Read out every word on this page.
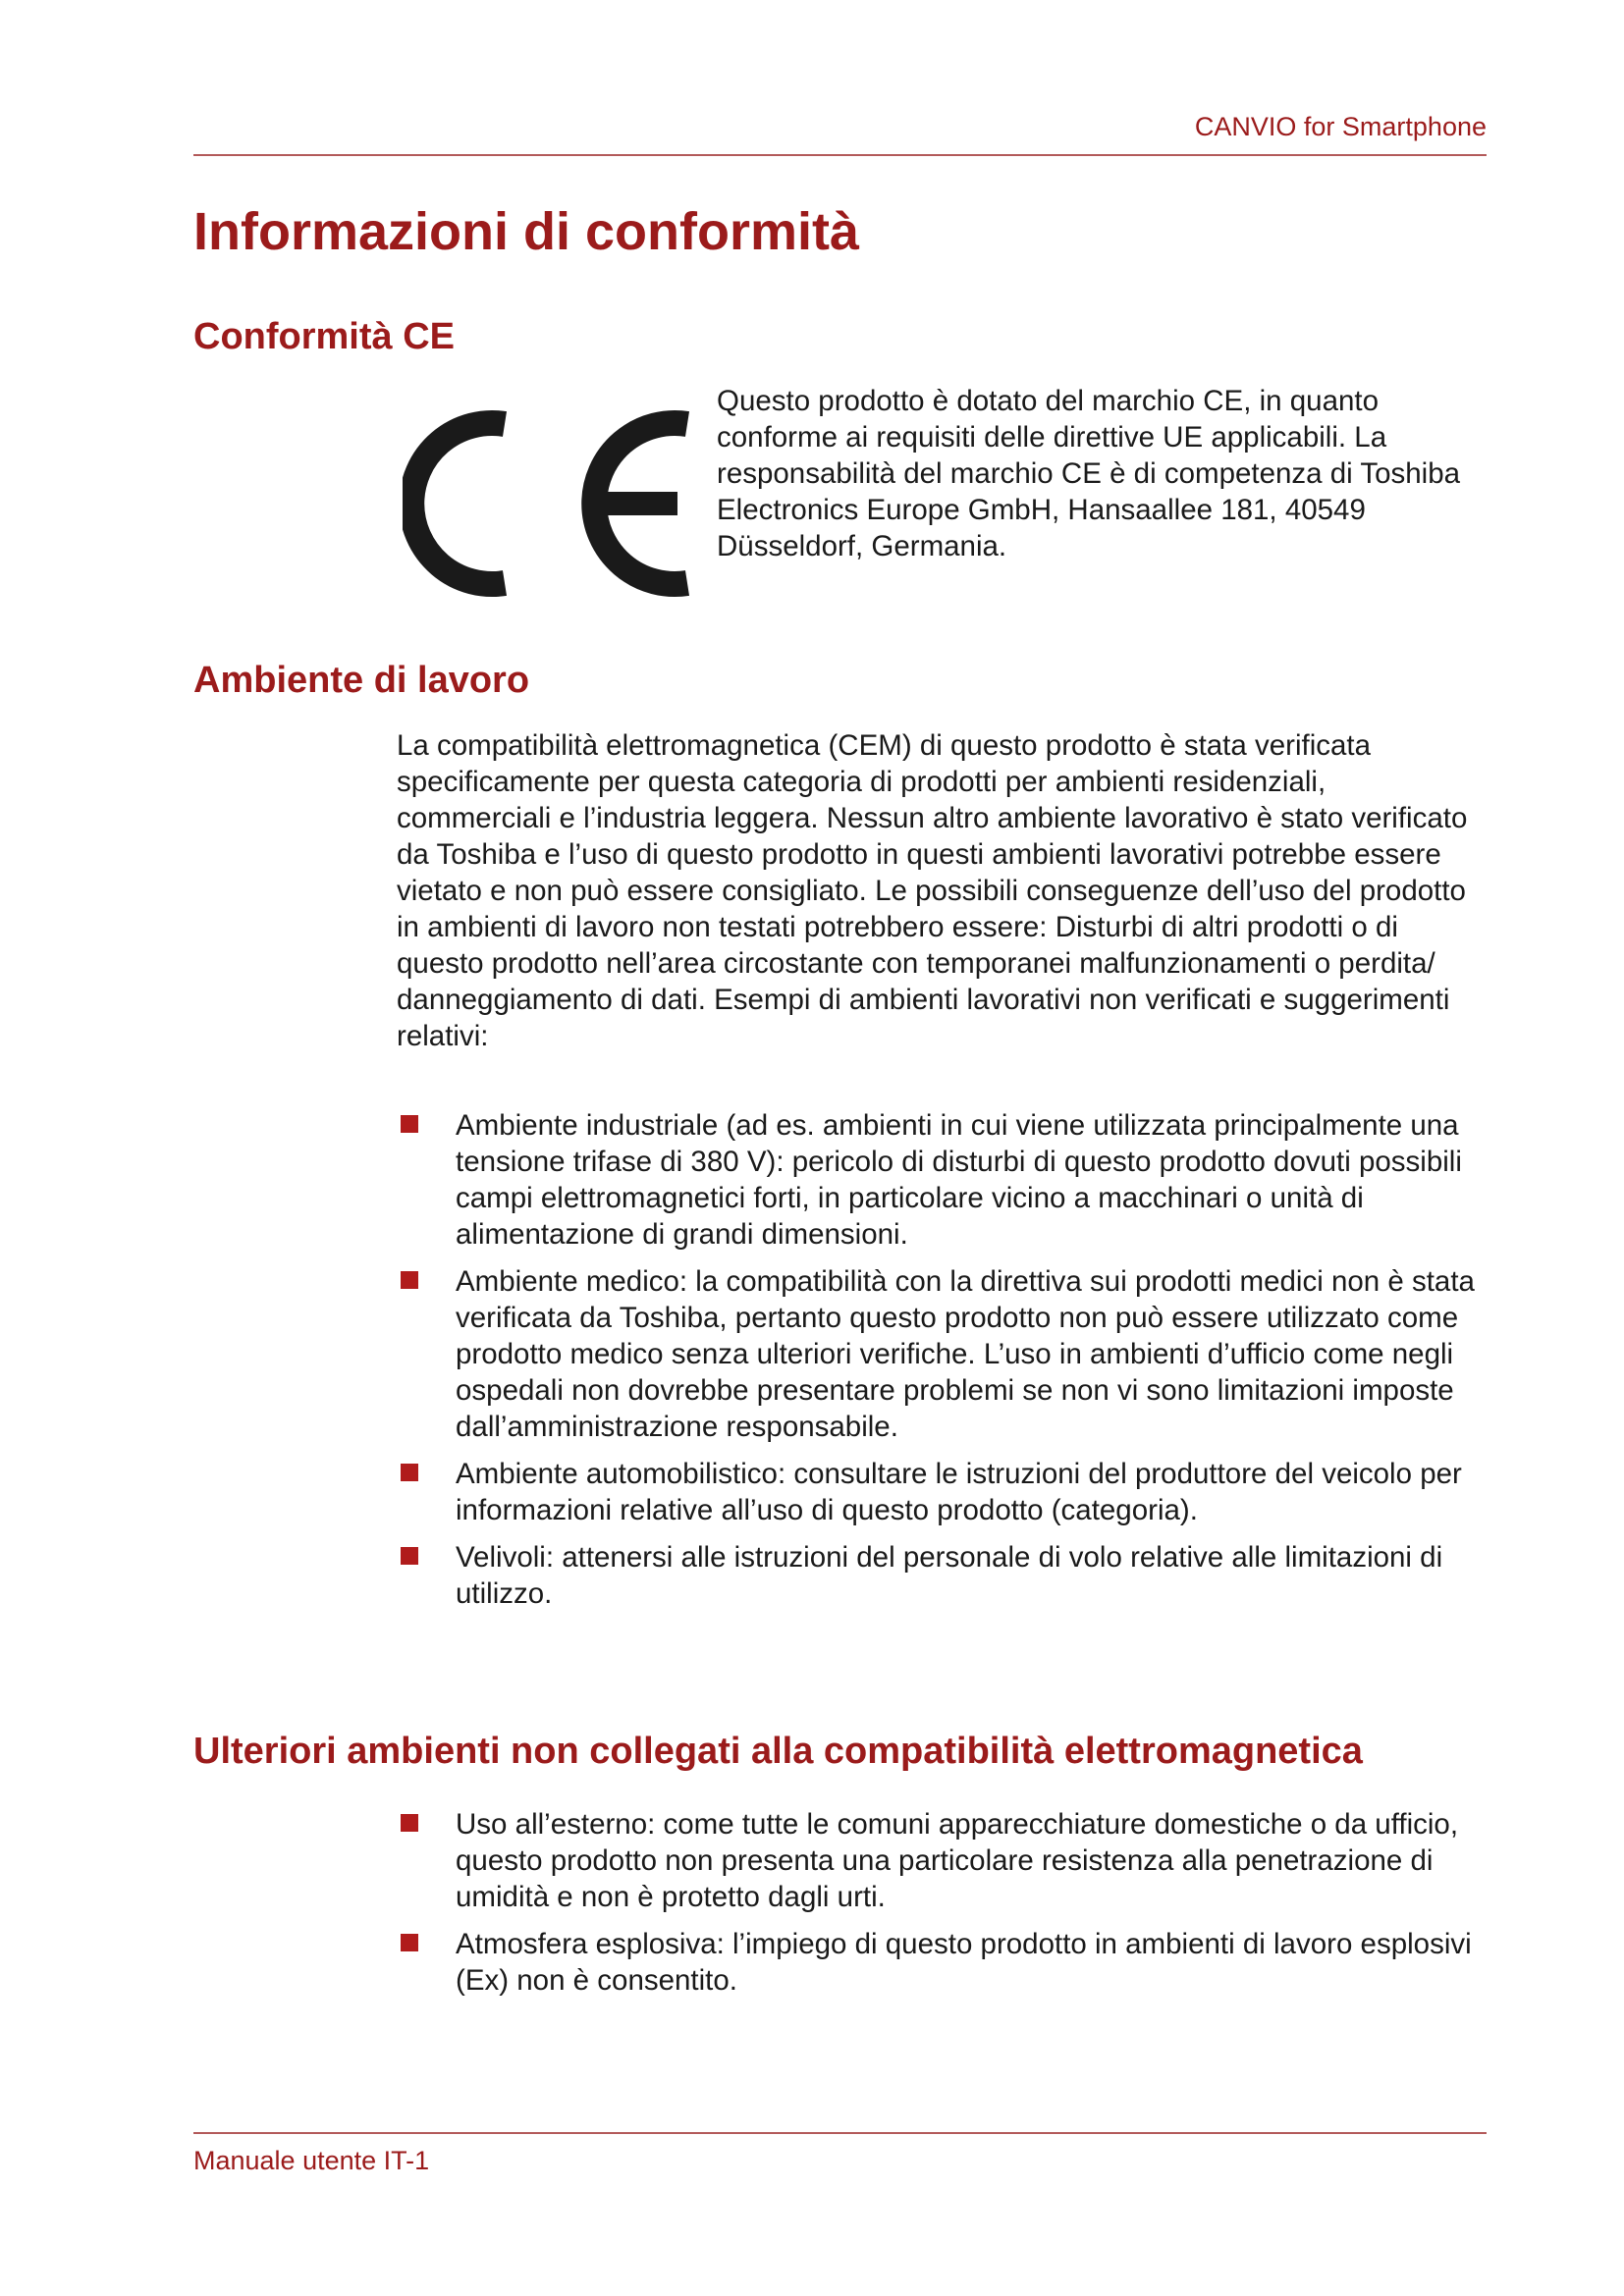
CANVIO for Smartphone
Informazioni di conformità
Conformità CE

Questo prodotto è dotato del marchio CE, in quanto conforme ai requisiti delle direttive UE applicabili. La responsabilità del marchio CE è di competenza di Toshiba Electronics Europe GmbH, Hansaallee 181, 40549 Düsseldorf, Germania.

Ambiente di lavoro

La compatibilità elettromagnetica (CEM) di questo prodotto è stata verificata specificamente per questa categoria di prodotti per ambienti residenziali, commerciali e l’industria leggera. Nessun altro ambiente lavorativo è stato verificato da Toshiba e l’uso di questo prodotto in questi ambienti lavorativi potrebbe essere vietato e non può essere consigliato. Le possibili conseguenze dell’uso del prodotto in ambienti di lavoro non testati potrebbero essere: Disturbi di altri prodotti o di questo prodotto nell’area circostante con temporanei malfunzionamenti o perdita/ danneggiamento di dati. Esempi di ambienti lavorativi non verificati e suggerimenti relativi:

Ambiente industriale (ad es. ambienti in cui viene utilizzata principalmente una tensione trifase di 380 V): pericolo di disturbi di questo prodotto dovuti possibili campi elettromagnetici forti, in particolare vicino a macchinari o unità di alimentazione di grandi dimensioni.
Ambiente medico: la compatibilità con la direttiva sui prodotti medici non è stata verificata da Toshiba, pertanto questo prodotto non può essere utilizzato come prodotto medico senza ulteriori verifiche. L’uso in ambienti d’ufficio come negli ospedali non dovrebbe presentare problemi se non vi sono limitazioni imposte dall’amministrazione responsabile.
Ambiente automobilistico: consultare le istruzioni del produttore del veicolo per informazioni relative all’uso di questo prodotto (categoria).
Velivoli: attenersi alle istruzioni del personale di volo relative alle limitazioni di utilizzo.
Ulteriori ambienti non collegati alla compatibilità elettromagnetica
Uso all’esterno: come tutte le comuni apparecchiature domestiche o da ufficio, questo prodotto non presenta una particolare resistenza alla penetrazione di umidità e non è protetto dagli urti.
Atmosfera esplosiva: l’impiego di questo prodotto in ambienti di lavoro esplosivi (Ex) non è consentito.
Manuale utente IT-1
